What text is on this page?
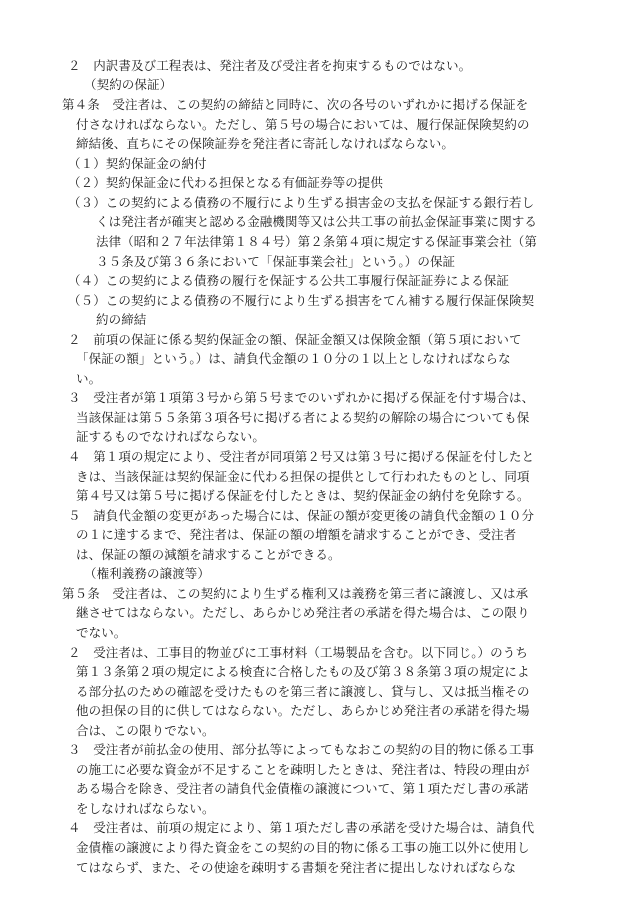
２　内訳書及び工程表は、発注者及び受注者を拘束するものではない。
（契約の保証）
第４条　受注者は、この契約の締結と同時に、次の各号のいずれかに掲げる保証を
付さなければならない。ただし、第５号の場合においては、履行保証保険契約の
締結後、直ちにその保険証券を発注者に寄託しなければならない。
（１）契約保証金の納付
（２）契約保証金に代わる担保となる有価証券等の提供
（３）この契約による債務の不履行により生ずる損害金の支払を保証する銀行若し
くは発注者が確実と認める金融機関等又は公共工事の前払金保証事業に関する
法律（昭和２７年法律第１８４号）第２条第４項に規定する保証事業会社（第
３５条及び第３６条において「保証事業会社」という。）の保証
（４）この契約による債務の履行を保証する公共工事履行保証証券による保証
（５）この契約による債務の不履行により生ずる損害をてん補する履行保証保険契
約の締結
２　前項の保証に係る契約保証金の額、保証金額又は保険金額（第５項において
「保証の額」という。）は、請負代金額の１０分の１以上としなければならな
い。
３　受注者が第１項第３号から第５号までのいずれかに掲げる保証を付す場合は、
当該保証は第５５条第３項各号に掲げる者による契約の解除の場合についても保
証するものでなければならない。
４　第１項の規定により、受注者が同項第２号又は第３号に掲げる保証を付したと
きは、当該保証は契約保証金に代わる担保の提供として行われたものとし、同項
第４号又は第５号に掲げる保証を付したときは、契約保証金の納付を免除する。
５　請負代金額の変更があった場合には、保証の額が変更後の請負代金額の１０分
の１に達するまで、発注者は、保証の額の増額を請求することができ、受注者
は、保証の額の減額を請求することができる。
（権利義務の譲渡等）
第５条　受注者は、この契約により生ずる権利又は義務を第三者に譲渡し、又は承
継させてはならない。ただし、あらかじめ発注者の承諾を得た場合は、この限り
でない。
２　受注者は、工事目的物並びに工事材料（工場製品を含む。以下同じ。）のうち
第１３条第２項の規定による検査に合格したもの及び第３８条第３項の規定によ
る部分払のための確認を受けたものを第三者に譲渡し、貸与し、又は抵当権その
他の担保の目的に供してはならない。ただし、あらかじめ発注者の承諾を得た場
合は、この限りでない。
３　受注者が前払金の使用、部分払等によってもなおこの契約の目的物に係る工事
の施工に必要な資金が不足することを疎明したときは、発注者は、特段の理由が
ある場合を除き、受注者の請負代金債権の譲渡について、第１項ただし書の承諾
をしなければならない。
４　受注者は、前項の規定により、第１項ただし書の承諾を受けた場合は、請負代
金債権の譲渡により得た資金をこの契約の目的物に係る工事の施工以外に使用し
てはならず、また、その使途を疎明する書類を発注者に提出しなければならな
